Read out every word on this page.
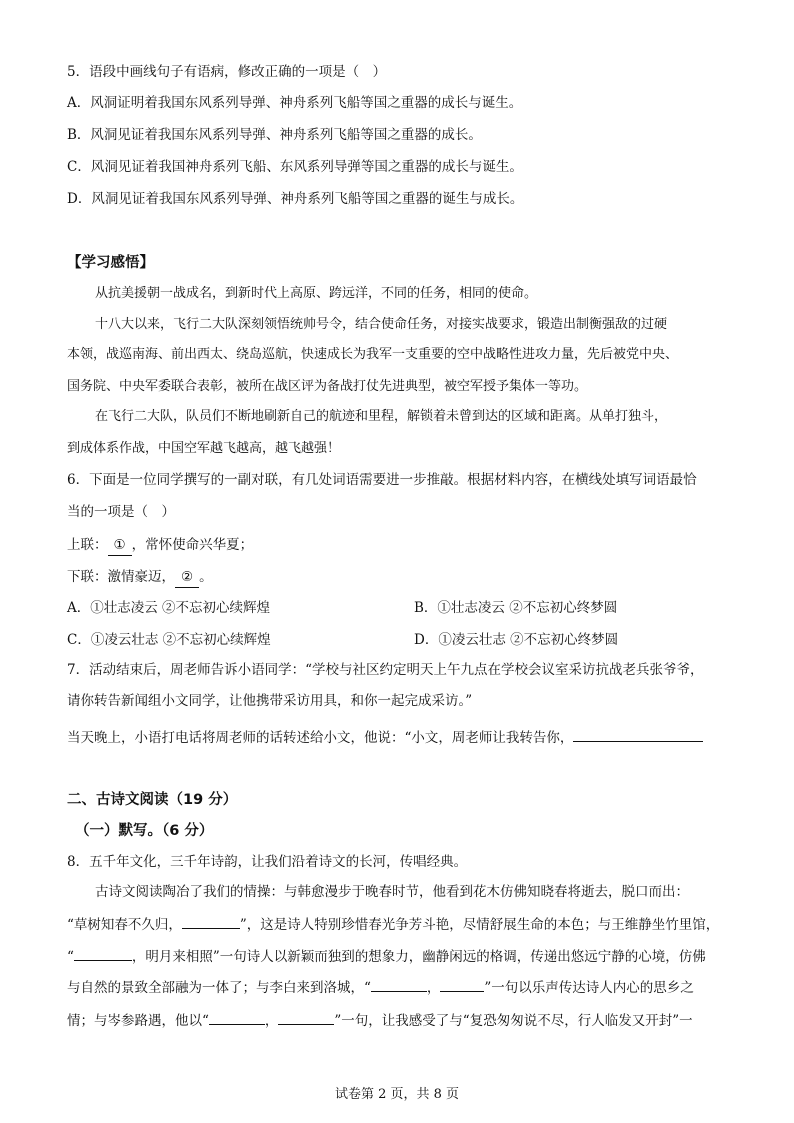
5．语段中画线句子有语病，修改正确的一项是（　）
A．风洞证明着我国东风系列导弹、神舟系列飞船等国之重器的成长与诞生。
B．风洞见证着我国东风系列导弹、神舟系列飞船等国之重器的成长。
C．风洞见证着我国神舟系列飞船、东风系列导弹等国之重器的成长与诞生。
D．风洞见证着我国东风系列导弹、神舟系列飞船等国之重器的诞生与成长。
【学习感悟】
从抗美援朝一战成名，到新时代上高原、跨远洋，不同的任务，相同的使命。
十八大以来，飞行二大队深刻领悟统帅号令，结合使命任务，对接实战要求，锻造出制衡强敌的过硬
本领，战巡南海、前出西太、绕岛巡航，快速成长为我军一支重要的空中战略性进攻力量，先后被党中央、
国务院、中央军委联合表彰，被所在战区评为备战打仗先进典型，被空军授予集体一等功。
在飞行二大队，队员们不断地刷新自己的航迹和里程，解锁着未曾到达的区域和距离。从单打独斗，
到成体系作战，中国空军越飞越高，越飞越强！
6．下面是一位同学撰写的一副对联，有几处词语需要进一步推敲。根据材料内容，在横线处填写词语最恰
当的一项是（　）
上联： ① ，常怀使命兴华夏；
下联：激情豪迈， ② 。
A．①壮志凌云 ②不忘初心续辉煌	B．①壮志凌云 ②不忘初心终梦圆
C．①凌云壮志 ②不忘初心续辉煌	D．①凌云壮志 ②不忘初心终梦圆
7．活动结束后，周老师告诉小语同学：“学校与社区约定明天上午九点在学校会议室采访抗战老兵张爷爷，
请你转告新闻组小文同学，让他携带采访用具，和你一起完成采访。”
当天晚上，小语打电话将周老师的话转述给小文，他说：“小文，周老师让我转告你，
二、古诗文阅读（19 分）
（一）默写。（6 分）
8．五千年文化，三千年诗韵，让我们沿着诗文的长河，传唱经典。
古诗文阅读陶冶了我们的情操：与韩愈漫步于晚春时节，他看到花木仿佛知晓春将逝去，脱口而出：
“草树知春不久归，	”，这是诗人特别珍惜春光争芳斗艳，尽情舒展生命的本色；与王维静坐竹里馆，
“	，明月来相照”一句诗人以新颖而独到的想象力，幽静闲远的格调，传递出悠远宁静的心境，仿佛
与自然的景致全部融为一体了；与李白来到洛城，“	，	”一句以乐声传达诗人内心的思乡之
情；与岑参路遇，他以“	，	”一句，让我感受了与“复恐匆匆说不尽，行人临发又开封”一
试卷第 2 页，共 8 页
